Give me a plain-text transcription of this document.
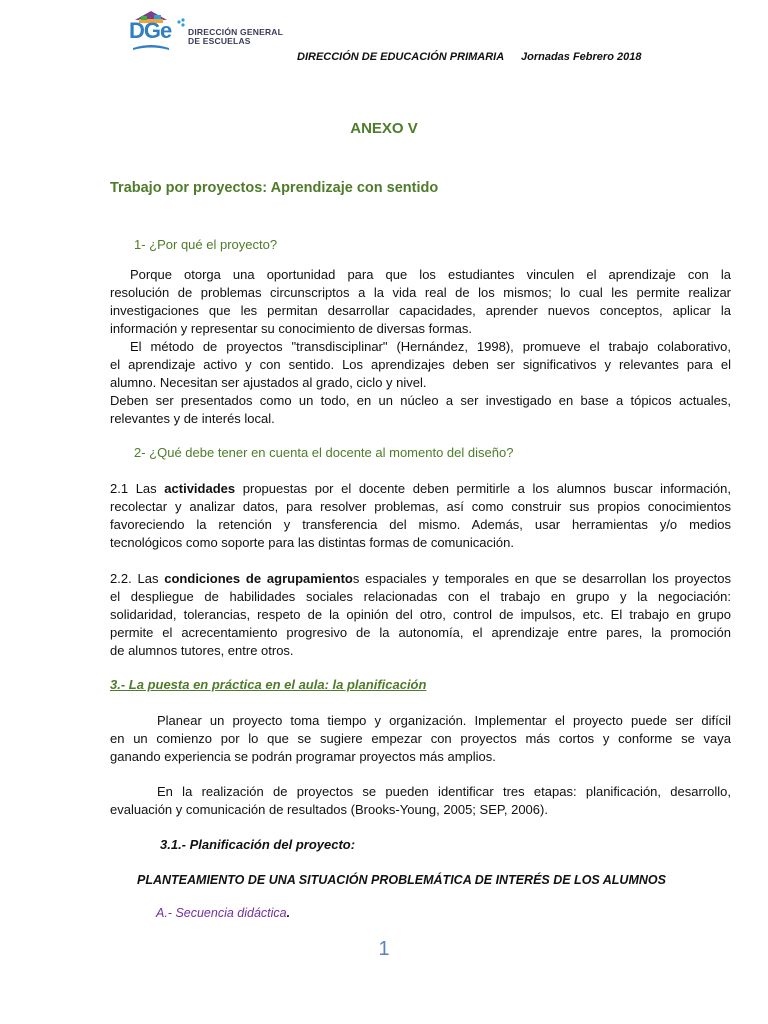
DGe DIRECCIÓN GENERAL
DE ESCUELAS
DIRECCIÓN DE EDUCACIÓN PRIMARIA Jornadas Febrero 2018
ANEXO V
Trabajo por proyectos: Aprendizaje con sentido
1- ¿Por qué el proyecto?
Porque otorga una oportunidad para que los estudiantes vinculen el aprendizaje con la
resolución de problemas circunscriptos a la vida real de los mismos; lo cual les permite realizar
investigaciones que les permitan desarrollar capacidades, aprender nuevos conceptos, aplicar la
información y representar su conocimiento de diversas formas.
El método de proyectos "transdisciplinar" (Hernández, 1998), promueve el trabajo colaborativo,
el aprendizaje activo y con sentido. Los aprendizajes deben ser significativos y relevantes para el
alumno. Necesitan ser ajustados al grado, ciclo y nivel.
Deben ser presentados como un todo, en un núcleo a ser investigado en base a tópicos actuales,
relevantes y de interés local.
2- ¿Qué debe tener en cuenta el docente al momento del diseño?
2.1 Las actividades propuestas por el docente deben permitirle a los alumnos buscar información,
recolectar y analizar datos, para resolver problemas, así como construir sus propios conocimientos
favoreciendo la retención y transferencia del mismo. Además, usar herramientas y/o medios
tecnológicos como soporte para las distintas formas de comunicación.
2.2. Las condiciones de agrupamientos espaciales y temporales en que se desarrollan los proyectos
el despliegue de habilidades sociales relacionadas con el trabajo en grupo y la negociación:
solidaridad, tolerancias, respeto de la opinión del otro, control de impulsos, etc. El trabajo en grupo
permite el acrecentamiento progresivo de la autonomía, el aprendizaje entre pares, la promoción
de alumnos tutores, entre otros.
3.- La puesta en práctica en el aula: la planificación
Planear un proyecto toma tiempo y organización. Implementar el proyecto puede ser difícil
en un comienzo por lo que se sugiere empezar con proyectos más cortos y conforme se vaya
ganando experiencia se podrán programar proyectos más amplios.
En la realización de proyectos se pueden identificar tres etapas: planificación, desarrollo,
evaluación y comunicación de resultados (Brooks-Young, 2005; SEP, 2006).
3.1.- Planificación del proyecto:
PLANTEAMIENTO DE UNA SITUACIÓN PROBLEMÁTICA DE INTERÉS DE LOS ALUMNOS
A.- Secuencia didáctica.
1
